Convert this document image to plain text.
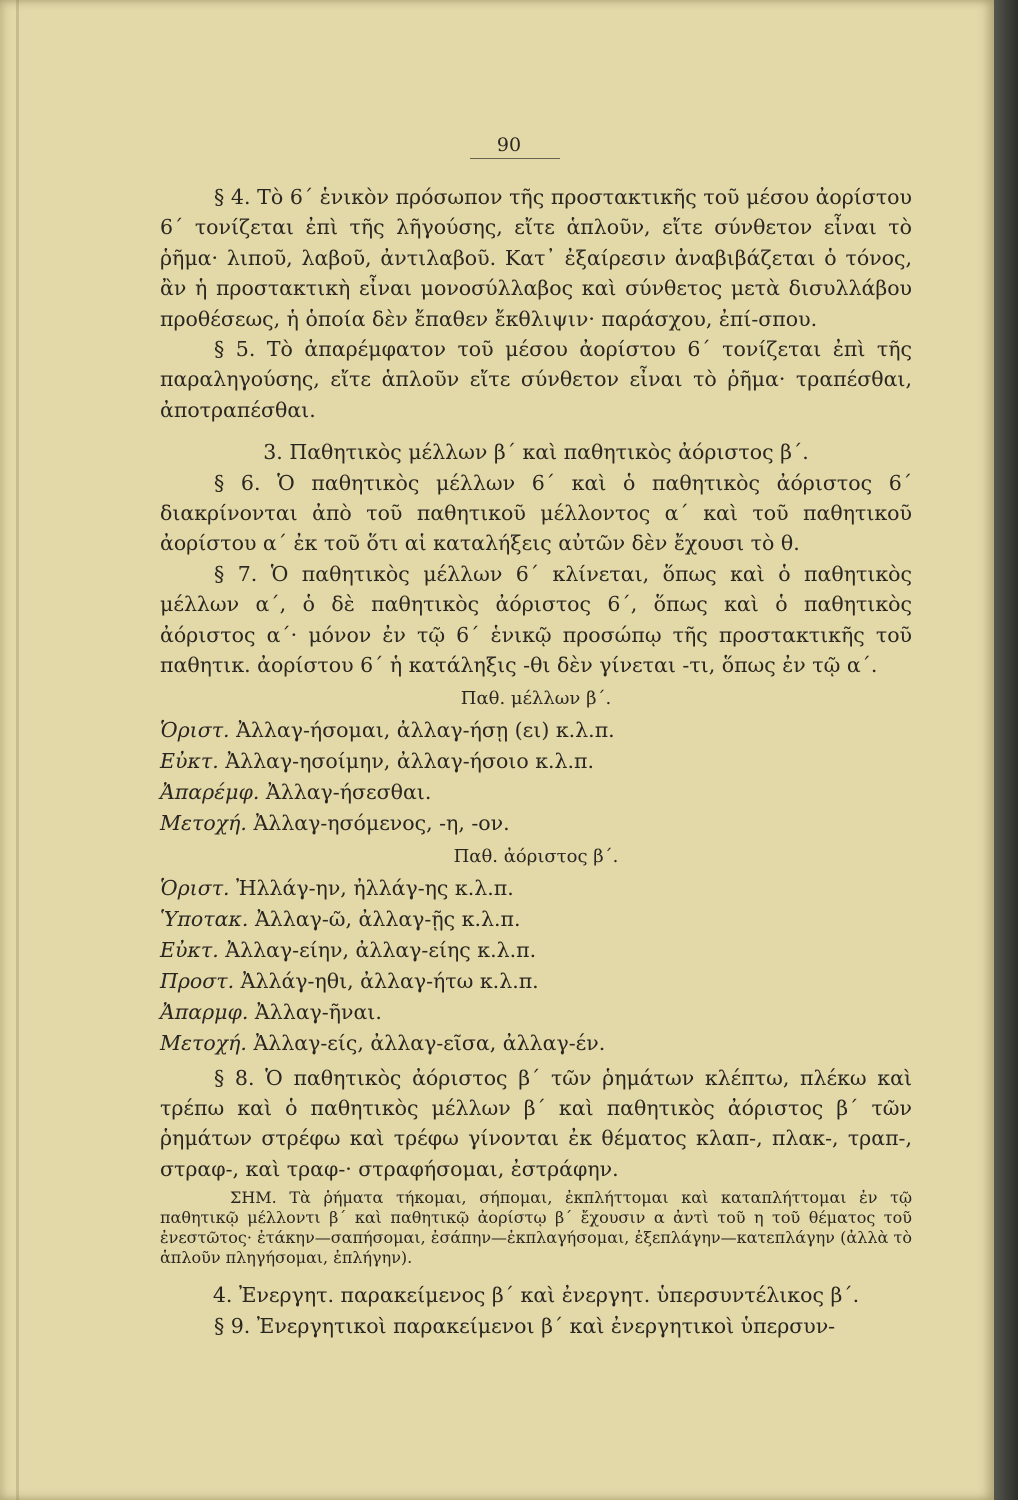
90

§ 4. Τὸ 6΄ ἑνικὸν πρόσωπον τῆς προστακτικῆς τοῦ μέσου ἀορίστου 6΄ τονίζεται ἐπὶ τῆς λῆγούσης, εἴτε ἁπλοῦν, εἴτε σύνθετον εἶναι τὸ ῥῆμα· λιποῦ, λαβοῦ, ἀντιλαβοῦ. Κατ᾽ ἐξαίρεσιν ἀναβιβάζεται ὁ τόνος, ἂν ἡ προστακτικὴ εἶναι μονοσύλλαβος καὶ σύνθετος μετὰ δισυλλάβου προθέσεως, ἡ ὁποία δὲν ἔπαθεν ἔκθλιψιν· παράσχου, ἐπί-σπου.

§ 5. Τὸ ἀπαρέμφατον τοῦ μέσου ἀορίστου 6΄ τονίζεται ἐπὶ τῆς παραληγούσης, εἴτε ἁπλοῦν εἴτε σύνθετον εἶναι τὸ ῥῆμα· τραπέσθαι, ἀποτραπέσθαι.

3. Παθητικὸς μέλλων β΄ καὶ παθητικὸς ἀόριστος β΄.

§ 6. Ὁ παθητικὸς μέλλων 6΄ καὶ ὁ παθητικὸς ἀόριστος 6΄ διακρίνονται ἀπὸ τοῦ παθητικοῦ μέλλοντος α΄ καὶ τοῦ παθητικοῦ ἀορίστου α΄ ἐκ τοῦ ὅτι αἱ καταλήξεις αὐτῶν δὲν ἔχουσι τὸ θ.

§ 7. Ὁ παθητικὸς μέλλων 6΄ κλίνεται, ὅπως καὶ ὁ παθητικὸς μέλλων α΄, ὁ δὲ παθητικὸς ἀόριστος 6΄, ὅπως καὶ ὁ παθητικὸς ἀόριστος α΄· μόνον ἐν τῷ 6΄ ἑνικῷ προσώπῳ τῆς προστακτικῆς τοῦ παθητικ. ἀορίστου 6΄ ἡ κατάληξις -θι δὲν γίνεται -τι, ὅπως ἐν τῷ α΄.

Παθ. μέλλων β΄.
Ὁριστ. Ἀλλαγ-ήσομαι, ἀλλαγ-ήσῃ (ει) κ.λ.π.
Εὐκτ. Ἀλλαγ-ησοίμην, ἀλλαγ-ήσοιο κ.λ.π.
Ἀπαρέμφ. Ἀλλαγ-ήσεσθαι.
Μετοχή. Ἀλλαγ-ησόμενος, -η, -ον.
Παθ. ἀόριστος β΄.
Ὁριστ. Ἠλλάγ-ην, ἠλλάγ-ης κ.λ.π.
Ὑποτακ. Ἀλλαγ-ῶ, ἀλλαγ-ῇς κ.λ.π.
Εὐκτ. Ἀλλαγ-είην, ἀλλαγ-είης κ.λ.π.
Προστ. Ἀλλάγ-ηθι, ἀλλαγ-ήτω κ.λ.π.
Ἀπαρμφ. Ἀλλαγ-ῆναι.
Μετοχή. Ἀλλαγ-είς, ἀλλαγ-εῖσα, ἀλλαγ-έν.

§ 8. Ὁ παθητικὸς ἀόριστος β΄ τῶν ῥημάτων κλέπτω, πλέκω καὶ τρέπω καὶ ὁ παθητικὸς μέλλων β΄ καὶ παθητικὸς ἀόριστος β΄ τῶν ῥημάτων στρέφω καὶ τρέφω γίνονται ἐκ θέματος κλαπ-, πλακ-, τραπ-, στραφ-, καὶ τραφ-· στραφήσομαι, ἐστράφην.

ΣΗΜ. Τὰ ῥήματα τήκομαι, σήπομαι, ἐκπλήττομαι καὶ καταπλήττομαι ἐν τῷ παθητικῷ μέλλοντι β΄ καὶ παθητικῷ ἀορίστῳ β΄ ἔχουσιν α ἀντὶ τοῦ η τοῦ θέματος τοῦ ἐνεστῶτος· ἐτάκην—σαπήσομαι, ἐσάπην—ἐκπλαγήσομαι, ἐξεπλάγην—κατεπλάγην (ἀλλὰ τὸ ἁπλοῦν πληγήσομαι, ἐπλήγην).

4. Ἐνεργητ. παρακείμενος β΄ καὶ ἐνεργητ. ὑπερσυντέλικος β΄.

§ 9. Ἐνεργητικοὶ παρακείμενοι β΄ καὶ ἐνεργητικοὶ ὑπερσυν-
